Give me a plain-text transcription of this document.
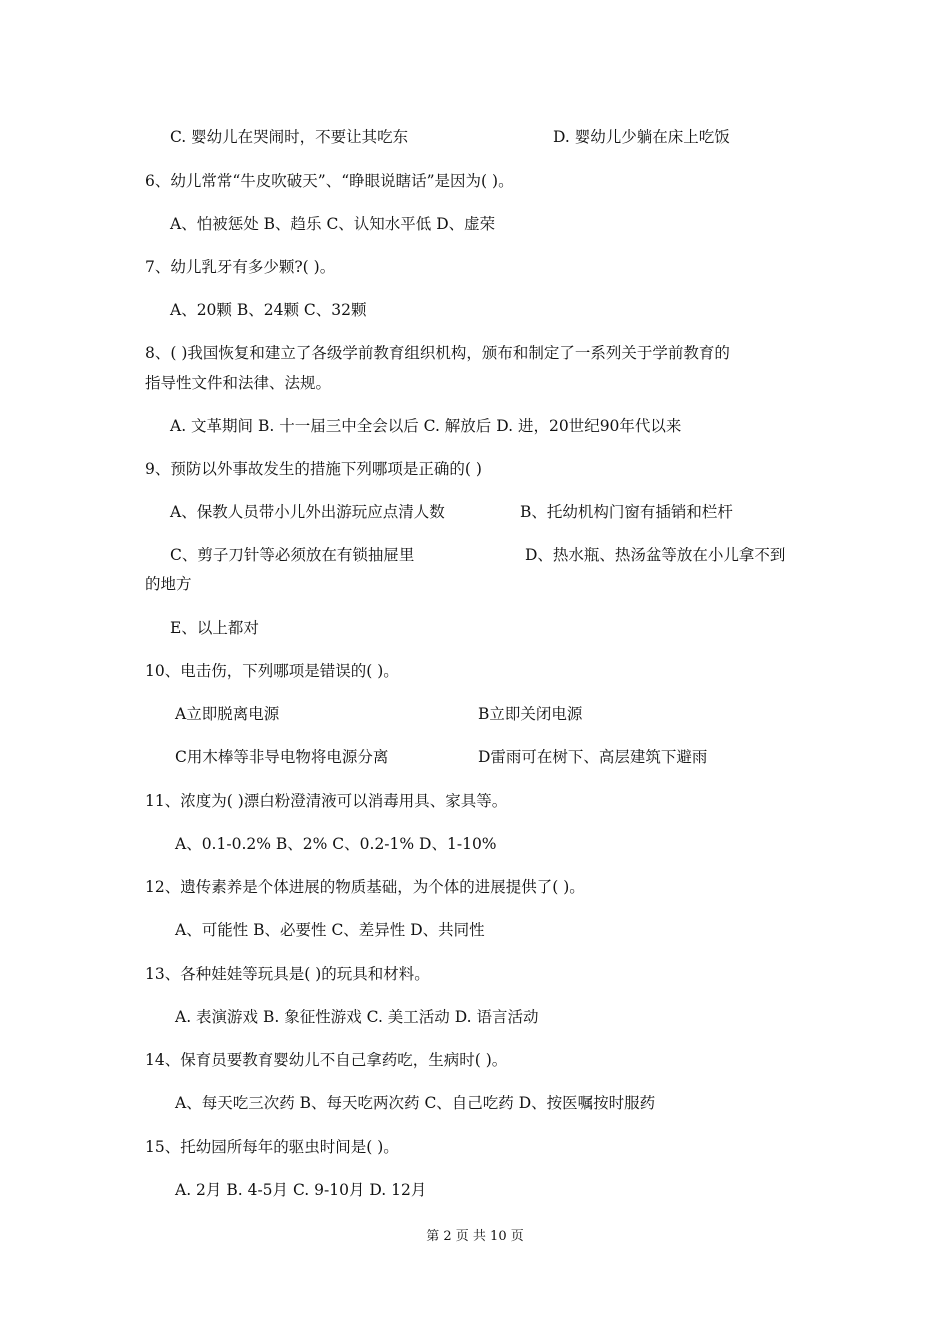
C. 婴幼儿在哭闹时，不要让其吃东	D. 婴幼儿少躺在床上吃饭
6、幼儿常常“牛皮吹破天”、“睁眼说瞎话”是因为( )。
A、怕被惩处 B、趋乐 C、认知水平低 D、虚荣
7、幼儿乳牙有多少颗?( )。
A、20颗 B、24颗 C、32颗
8、( )我国恢复和建立了各级学前教育组织机构，颁布和制定了一系列关于学前教育的
指导性文件和法律、法规。
A. 文革期间 B. 十一届三中全会以后 C. 解放后 D. 进，20世纪90年代以来
9、预防以外事故发生的措施下列哪项是正确的( )
A、保教人员带小儿外出游玩应点清人数	B、托幼机构门窗有插销和栏杆
C、剪子刀针等必须放在有锁抽屉里	D、热水瓶、热汤盆等放在小儿拿不到
的地方
E、以上都对
10、电击伤，下列哪项是错误的( )。
A立即脱离电源	B立即关闭电源
C用木棒等非导电物将电源分离	D雷雨可在树下、高层建筑下避雨
11、浓度为( )漂白粉澄清液可以消毒用具、家具等。
A、0.1-0.2% B、2% C、0.2-1% D、1-10%
12、遗传素养是个体进展的物质基础，为个体的进展提供了( )。
A、可能性 B、必要性 C、差异性 D、共同性
13、各种娃娃等玩具是( )的玩具和材料。
A. 表演游戏 B. 象征性游戏 C. 美工活动 D. 语言活动
14、保育员要教育婴幼儿不自己拿药吃，生病时( )。
A、每天吃三次药 B、每天吃两次药 C、自己吃药 D、按医嘱按时服药
15、托幼园所每年的驱虫时间是( )。
A. 2月 B. 4-5月 C. 9-10月 D. 12月
第 2 页 共 10 页
